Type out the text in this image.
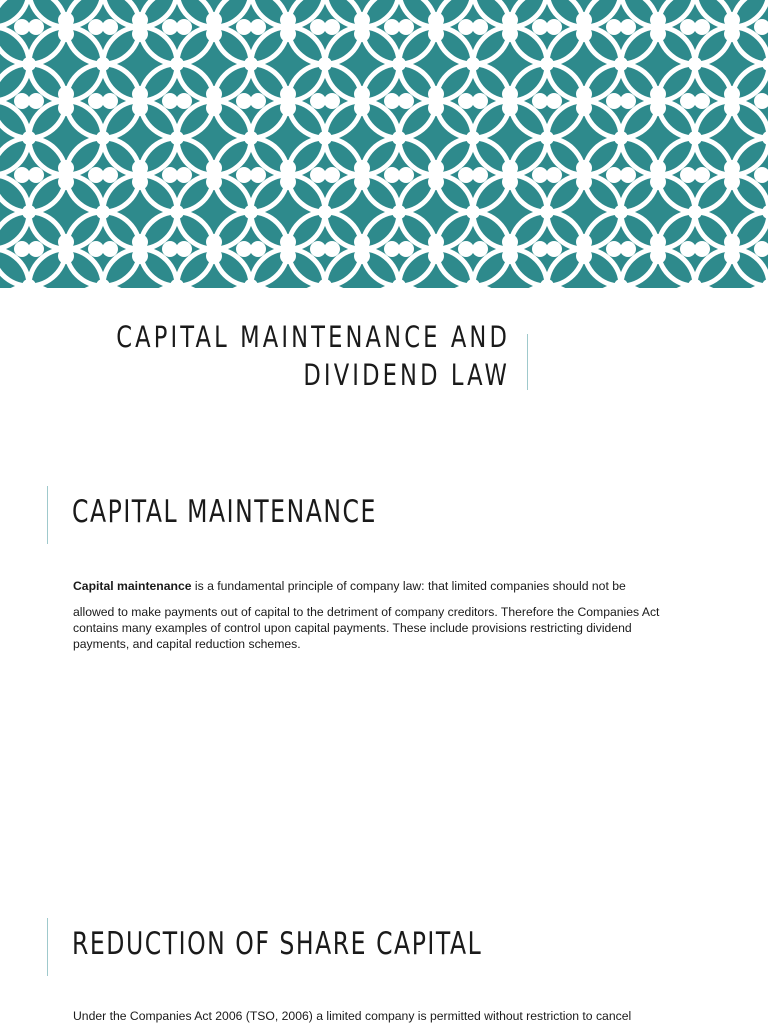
CAPITAL MAINTENANCE AND
DIVIDEND LAW
CAPITAL MAINTENANCE
Capital maintenance is a fundamental principle of company law: that limited companies should not be
allowed to make payments out of capital to the detriment of company creditors. Therefore the Companies Act contains many examples of control upon capital payments. These include provisions restricting dividend payments, and capital reduction schemes.
REDUCTION OF SHARE CAPITAL
Under the Companies Act 2006 (TSO, 2006) a limited company is permitted without restriction to cancel
